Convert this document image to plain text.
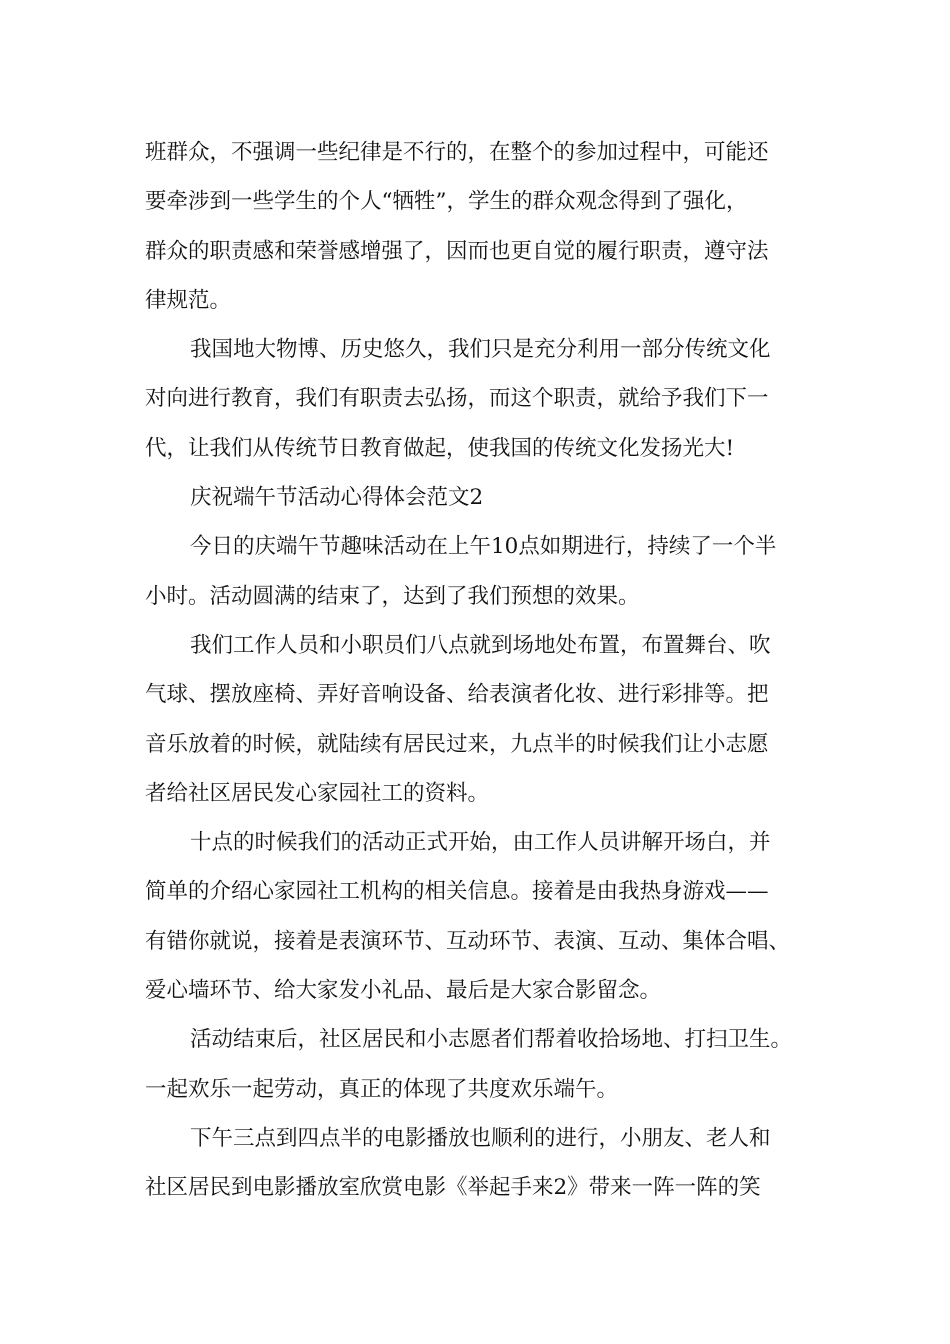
班群众，不强调一些纪律是不行的，在整个的参加过程中，可能还
要牵涉到一些学生的个人“牺牲”，学生的群众观念得到了强化，
群众的职责感和荣誉感增强了，因而也更自觉的履行职责，遵守法
律规范。
我国地大物博、历史悠久，我们只是充分利用一部分传统文化
对向进行教育，我们有职责去弘扬，而这个职责，就给予我们下一
代，让我们从传统节日教育做起，使我国的传统文化发扬光大!
庆祝端午节活动心得体会范文2
今日的庆端午节趣味活动在上午10点如期进行，持续了一个半
小时。活动圆满的结束了，达到了我们预想的效果。
我们工作人员和小职员们八点就到场地处布置，布置舞台、吹
气球、摆放座椅、弄好音响设备、给表演者化妆、进行彩排等。把
音乐放着的时候，就陆续有居民过来，九点半的时候我们让小志愿
者给社区居民发心家园社工的资料。
十点的时候我们的活动正式开始，由工作人员讲解开场白，并
简单的介绍心家园社工机构的相关信息。接着是由我热身游戏——
有错你就说，接着是表演环节、互动环节、表演、互动、集体合唱、
爱心墙环节、给大家发小礼品、最后是大家合影留念。
活动结束后，社区居民和小志愿者们帮着收拾场地、打扫卫生。
一起欢乐一起劳动，真正的体现了共度欢乐端午。
下午三点到四点半的电影播放也顺利的进行，小朋友、老人和
社区居民到电影播放室欣赏电影《举起手来2》带来一阵一阵的笑
